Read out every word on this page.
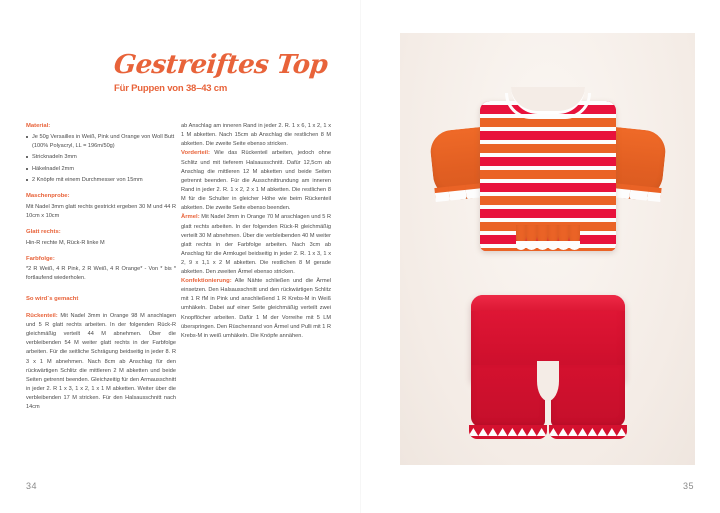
Gestreiftes Top
Für Puppen von 38–43 cm
Material:
Je 50g Versailles in Weiß, Pink und Orange von Woll Butt (100% Polyacryl, LL = 196m/50g)
Stricknadeln 3mm
Häkelnadel 2mm
2 Knöpfe mit einem Durchmesser von 15mm
Maschenprobe:

Mit Nadel 3mm glatt rechts gestrickt ergeben 30 M und 44 R 10cm x 10cm

Glatt rechts:

Hin-R rechte M, Rück-R linke M

Farbfolge:

*2 R Weiß, 4 R Pink, 2 R Weiß, 4 R Orange* - Von * bis * fortlaufend wiederholen.

So wird`s gemacht

Rückenteil: Mit Nadel 3mm in Orange 98 M anschlagen und 5 R glatt rechts arbeiten. In der folgenden Rück-R gleichmäßig verteilt 44 M abnehmen. Über die verbleibenden 54 M weiter glatt rechts in der Farbfolge arbeiten. Für die seitliche Schrägung beidseitig in jeder 8. R 3 x 1 M abnehmen. Nach 8cm ab Anschlag für den rückwärtigen Schlitz die mittleren 2 M abketten und beide Seiten getrennt beenden. Gleichzeitig für den Armausschnitt in jeder 2. R 1 x 3, 1 x 2, 1 x 1 M abketten. Weiter über die verbleibenden 17 M stricken. Für den Halsausschnitt nach 14cm

ab Anschlag am inneren Rand in jeder 2. R. 1 x 6, 1 x 2, 1 x 1 M abketten. Nach 15cm ab Anschlag die restlichen 8 M abketten. Die zweite Seite ebenso stricken.

Vorderteil: Wie das Rückenteil arbeiten, jedoch ohne Schlitz und mit tieferem Halsausschnitt. Dafür 12,5cm ab Anschlag die mittleren 12 M abketten und beide Seiten getrennt beenden. Für die Ausschnittrundung am inneren Rand in jeder 2. R. 1 x 2, 2 x 1 M abketten. Die restlichen 8 M für die Schulter in gleicher Höhe wie beim Rückenteil abketten. Die zweite Seite ebenso beenden.

Ärmel: Mit Nadel 3mm in Orange 70 M anschlagen und 5 R glatt rechts arbeiten. In der folgenden Rück-R gleichmäßig verteilt 30 M abnehmen. Über die verbleibenden 40 M weiter glatt rechts in der Farbfolge arbeiten. Nach 3cm ab Anschlag für die Armkugel beidseitig in jeder 2. R. 1 x 3, 1 x 2, 9 x 1,1 x 2 M abketten. Die restlichen 8 M gerade abketten. Den zweiten Ärmel ebenso stricken.

Konfektionierung: Alle Nähte schließen und die Ärmel einsetzen. Den Halsausschnitt und den rückwärtigen Schlitz mit 1 R fM in Pink und anschließend 1 R Krebs-M in Weiß umhäkeln. Dabei auf einer Seite gleichmäßig verteilt zwei Knopflöcher arbeiten. Dafür 1 M der Vorreihe mit 5 LM überspringen. Den Rüschenrand von Ärmel und Pulli mit 1 R Krebs-M in weiß umhäkeln. Die Knöpfe annähen.

34	35
